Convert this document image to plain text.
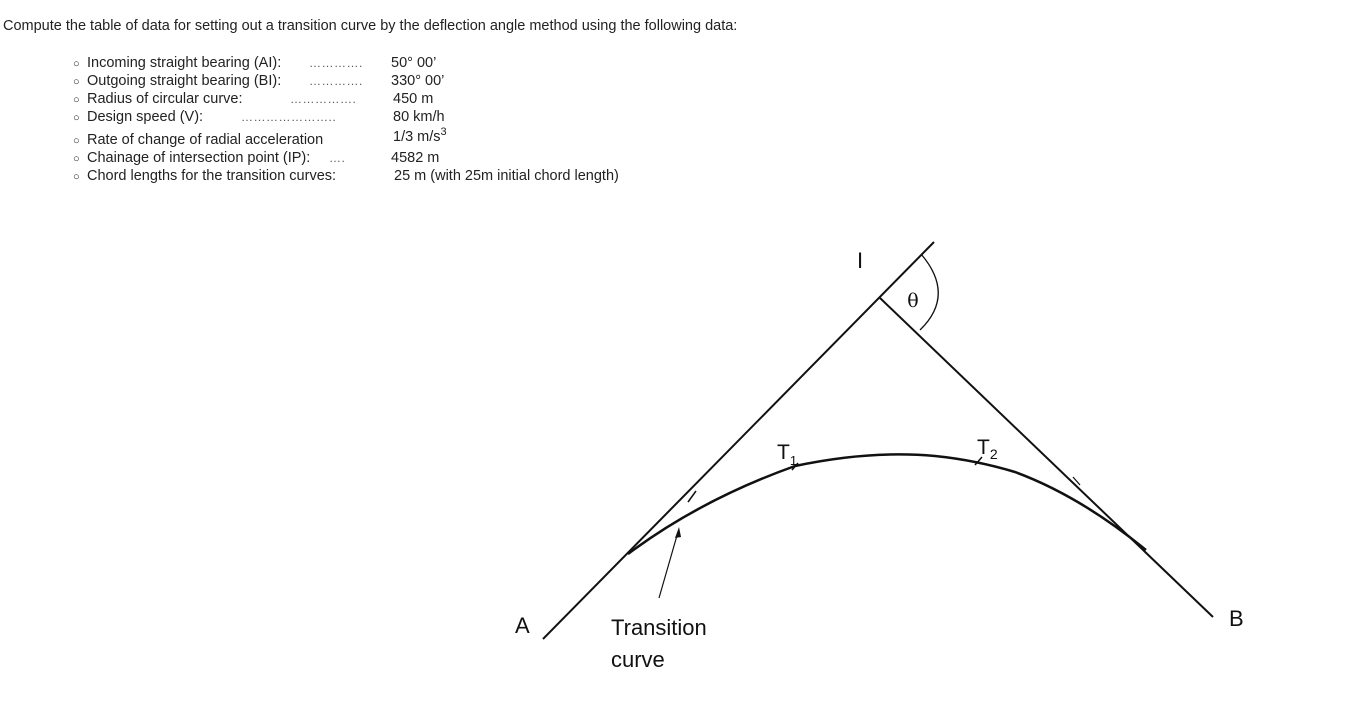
Compute the table of data for setting out a transition curve by the deflection angle method using the following data:
○ Incoming straight bearing (AI): …………. 50° 00’
○ Outgoing straight bearing (BI): …………. 330° 00’
○ Radius of circular curve:	…………….	450 m
○ Design speed (V):	…………………..	80 km/h
○ Rate of change of radial acceleration	1/3 $m/s^3$
○ Chainage of intersection point (IP): ….	4582 m
○ Chord lengths for the transition curves:	25 m (with 25m initial chord length)
I
θ
A	B
$T_1$
$T_2$
Transition
curve
